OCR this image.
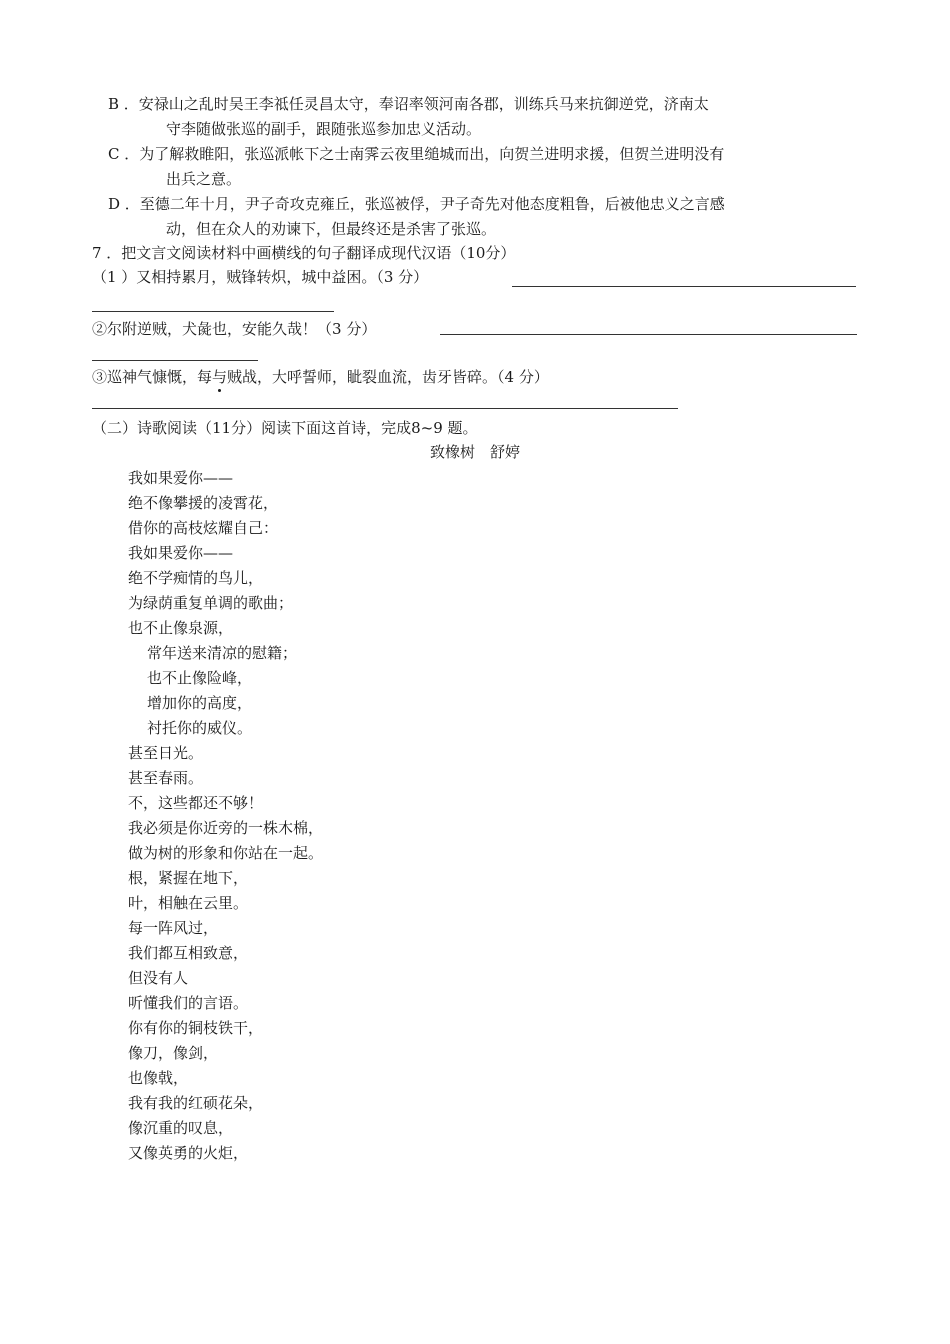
B ．安禄山之乱时吴王李祗任灵昌太守，奉诏率领河南各郡，训练兵马来抗御逆党，济南太
守李随做张巡的副手，跟随张巡参加忠义活动。
C ．为了解救睢阳，张巡派帐下之士南霁云夜里缒城而出，向贺兰进明求援，但贺兰进明没有
出兵之意。
D ．至德二年十月，尹子奇攻克雍丘，张巡被俘，尹子奇先对他态度粗鲁，后被他忠义之言感
动，但在众人的劝谏下，但最终还是杀害了张巡。
7 ．把文言文阅读材料中画横线的句子翻译成现代汉语（10分）
（1 ）又相持累月，贼锋转炽，城中益困。（3 分）
②尔附逆贼，犬彘也，安能久哉！（3 分）
③巡神气慷慨，每与贼战，大呼誓师，眦裂血流，齿牙皆碎。（4 分）
（二）诗歌阅读（11分）阅读下面这首诗，完成8~9 题。
致橡树　舒婷
我如果爱你——
绝不像攀援的凌霄花，
借你的高枝炫耀自己：
我如果爱你——
绝不学痴情的鸟儿，
为绿荫重复单调的歌曲；
也不止像泉源，
常年送来清凉的慰籍；
也不止像险峰，
增加你的高度，
衬托你的威仪。
甚至日光。
甚至春雨。
不，这些都还不够！
我必须是你近旁的一株木棉，
做为树的形象和你站在一起。
根，紧握在地下，
叶，相触在云里。
每一阵风过，
我们都互相致意，
但没有人
听懂我们的言语。
你有你的铜枝铁干，
像刀，像剑，
也像戟，
我有我的红硕花朵，
像沉重的叹息，
又像英勇的火炬，
